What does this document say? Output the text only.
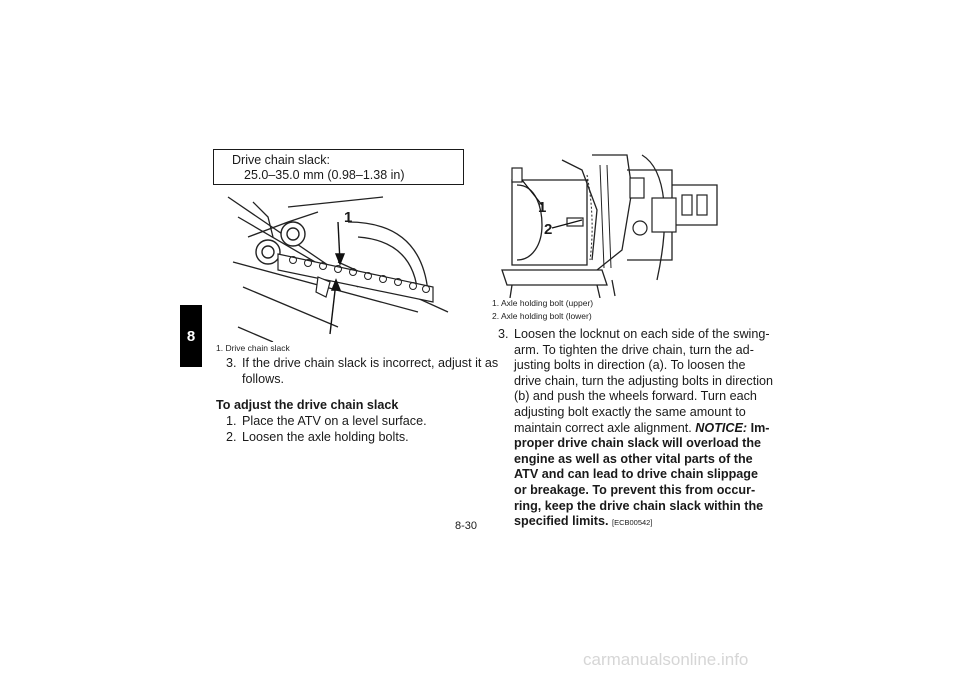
8
Drive chain slack:
25.0–35.0 mm (0.98–1.38 in)
1
1. Drive chain slack
3. If the drive chain slack is incorrect, adjust it as
follows.
To adjust the drive chain slack
1. Place the ATV on a level surface.
2. Loosen the axle holding bolts.
1
2
1. Axle holding bolt (upper)
2. Axle holding bolt (lower)
3. Loosen the locknut on each side of the swing-
arm. To tighten the drive chain, turn the ad-
justing bolts in direction (a). To loosen the
drive chain, turn the adjusting bolts in direction
(b) and push the wheels forward. Turn each
adjusting bolt exactly the same amount to
maintain correct axle alignment. NOTICE: Im-
proper drive chain slack will overload the
engine as well as other vital parts of the
ATV and can lead to drive chain slippage
or breakage. To prevent this from occur-
ring, keep the drive chain slack within the
specified limits. [ECB00542]
8-30
carmanualsonline.info
